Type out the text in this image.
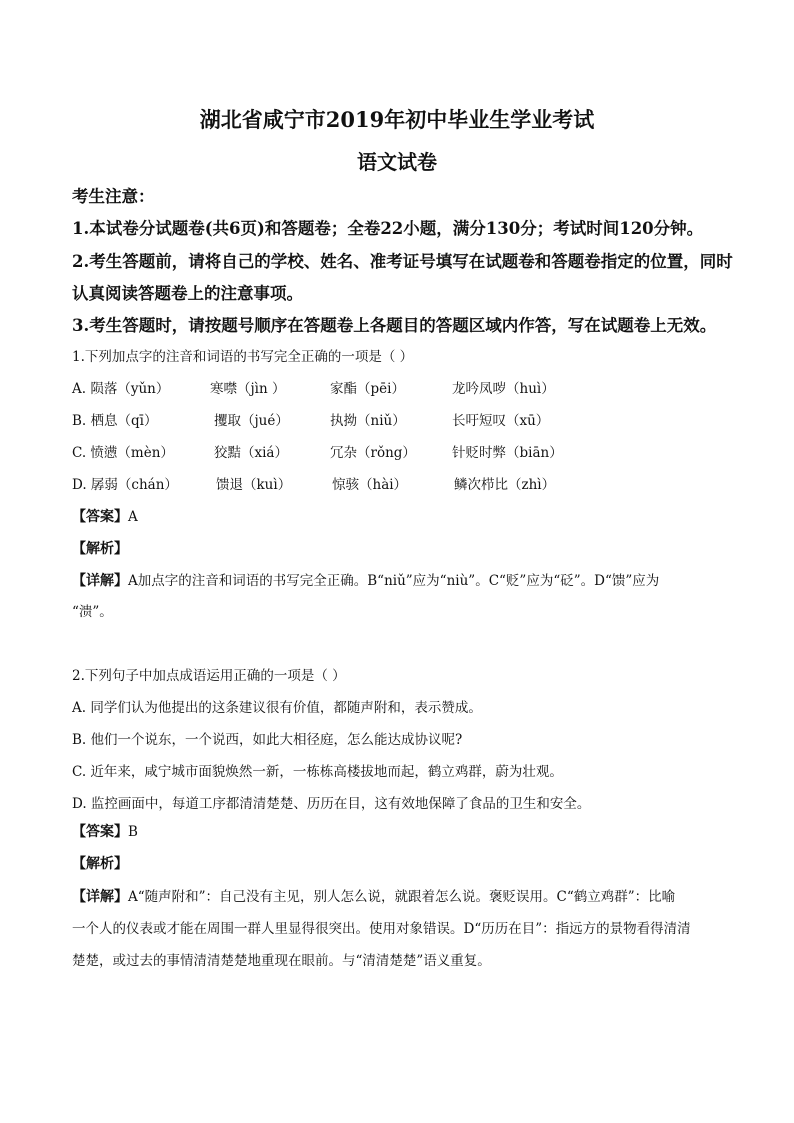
湖北省咸宁市2019年初中毕业生学业考试
语文试卷
考生注意：
1.本试卷分试题卷(共6页)和答题卷；全卷22小题，满分130分；考试时间120分钟。
2.考生答题前，请将自己的学校、姓名、准考证号填写在试题卷和答题卷指定的位置，同时
认真阅读答题卷上的注意事项。
3.考生答题时，请按题号顺序在答题卷上各题目的答题区域内作答，写在试题卷上无效。
1.下列加点字的注音和词语的书写完全正确的一项是（ ）
A. 陨落（yǔn）	寒噤（jìn ）	家酯（pēi）	龙吟凤哕（huì）
B. 栖息（qī）	攫取（jué）	执拗（niǔ）	长吁短叹（xū）
C. 愤懑（mèn）	狡黠（xiá）	冗杂（rǒng）	针贬时弊（biān）
D. 孱弱（chán）	馈退（kuì）	惊骇（hài）	鳞次栉比（zhì）
【答案】A
【解析】
【详解】A加点字的注音和词语的书写完全正确。B“niǔ”应为“niù”。C“贬”应为“砭”。D“馈”应为
“溃”。
2.下列句子中加点成语运用正确的一项是（ ）
A. 同学们认为他提出的这条建议很有价值，都随声附和，表示赞成。
B. 他们一个说东，一个说西，如此大相径庭，怎么能达成协议呢?
C. 近年来，咸宁城市面貌焕然一新，一栋栋高楼拔地而起，鹤立鸡群，蔚为壮观。
D. 监控画面中，每道工序都清清楚楚、历历在目，这有效地保障了食品的卫生和安全。
【答案】B
【解析】
【详解】A“随声附和”：自己没有主见，别人怎么说，就跟着怎么说。褒贬误用。C“鹤立鸡群”：比喻
一个人的仪表或才能在周围一群人里显得很突出。使用对象错误。D“历历在目”：指远方的景物看得清清
楚楚，或过去的事情清清楚楚地重现在眼前。与“清清楚楚”语义重复。
